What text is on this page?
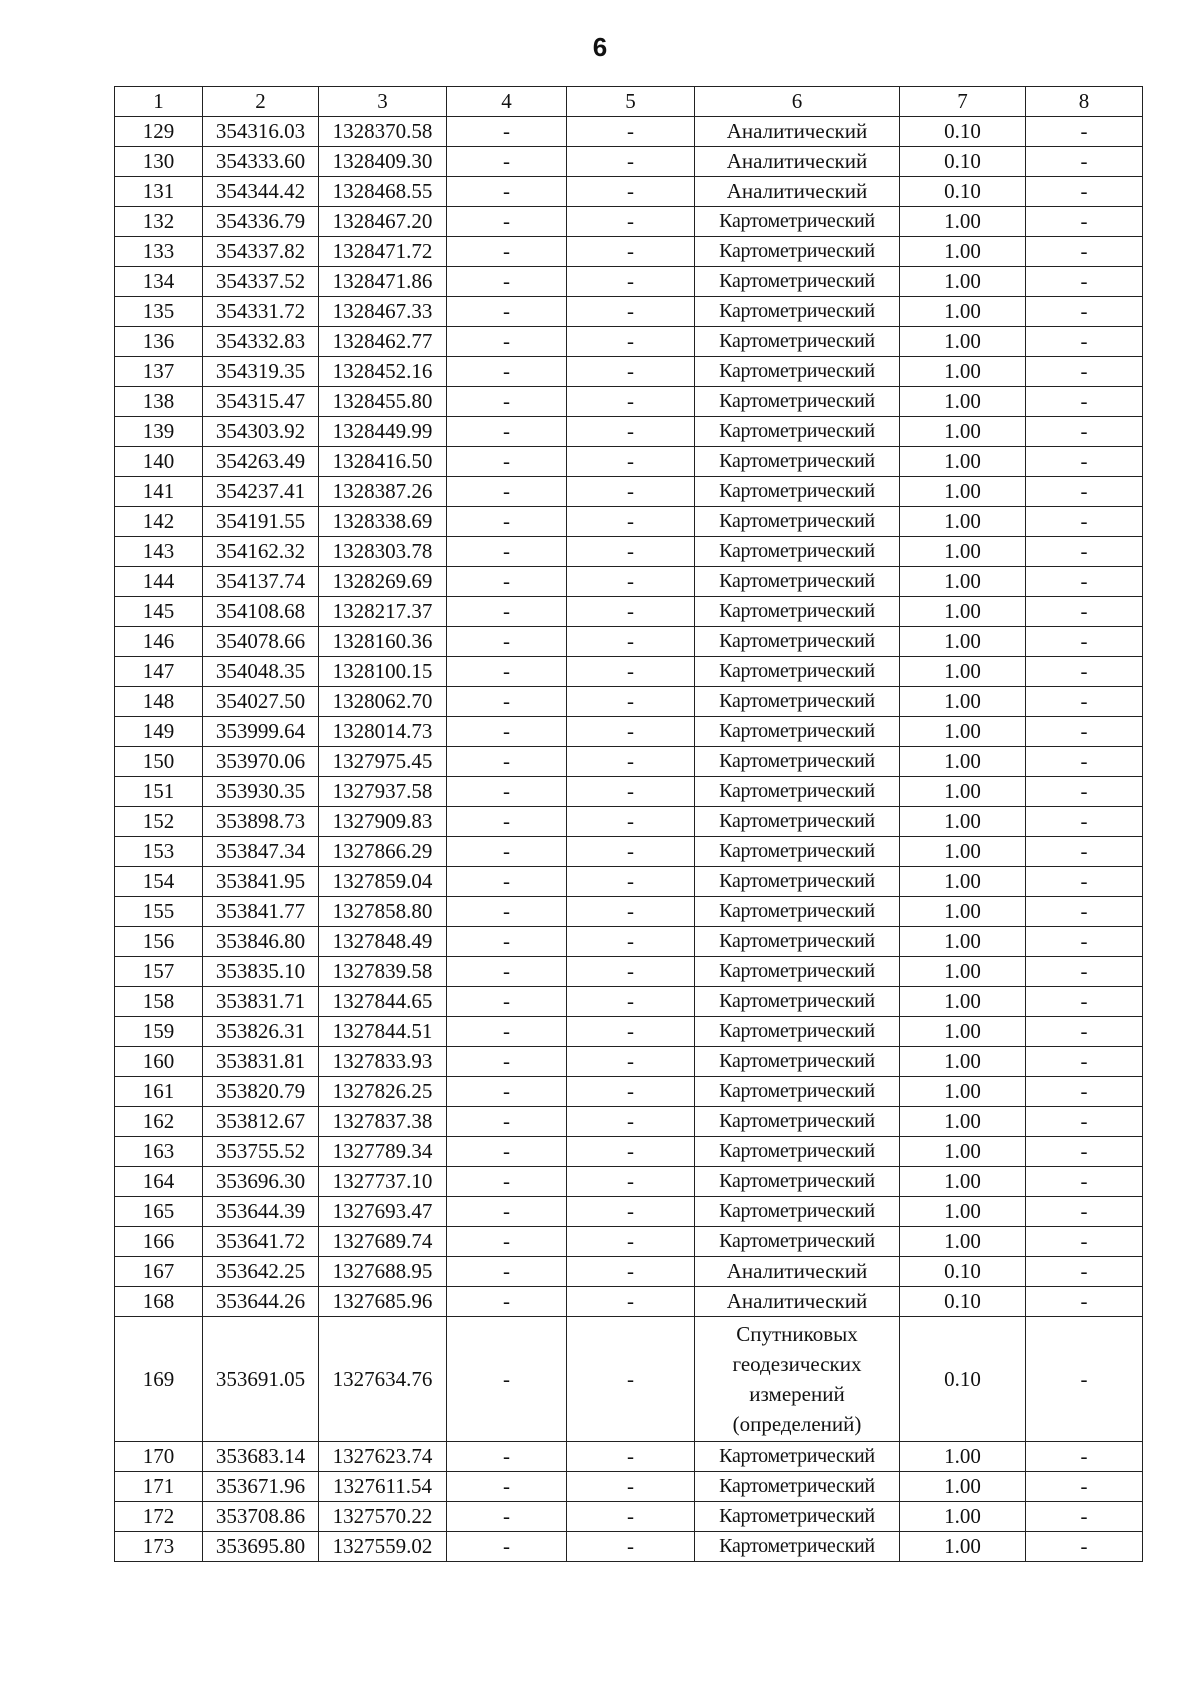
6
1	2	3	4	5	6	7	8
129	354316.03	1328370.58	-	-	Аналитический	0.10	-
130	354333.60	1328409.30	-	-	Аналитический	0.10	-
131	354344.42	1328468.55	-	-	Аналитический	0.10	-
132	354336.79	1328467.20	-	-	Картометрический	1.00	-
133	354337.82	1328471.72	-	-	Картометрический	1.00	-
134	354337.52	1328471.86	-	-	Картометрический	1.00	-
135	354331.72	1328467.33	-	-	Картометрический	1.00	-
136	354332.83	1328462.77	-	-	Картометрический	1.00	-
137	354319.35	1328452.16	-	-	Картометрический	1.00	-
138	354315.47	1328455.80	-	-	Картометрический	1.00	-
139	354303.92	1328449.99	-	-	Картометрический	1.00	-
140	354263.49	1328416.50	-	-	Картометрический	1.00	-
141	354237.41	1328387.26	-	-	Картометрический	1.00	-
142	354191.55	1328338.69	-	-	Картометрический	1.00	-
143	354162.32	1328303.78	-	-	Картометрический	1.00	-
144	354137.74	1328269.69	-	-	Картометрический	1.00	-
145	354108.68	1328217.37	-	-	Картометрический	1.00	-
146	354078.66	1328160.36	-	-	Картометрический	1.00	-
147	354048.35	1328100.15	-	-	Картометрический	1.00	-
148	354027.50	1328062.70	-	-	Картометрический	1.00	-
149	353999.64	1328014.73	-	-	Картометрический	1.00	-
150	353970.06	1327975.45	-	-	Картометрический	1.00	-
151	353930.35	1327937.58	-	-	Картометрический	1.00	-
152	353898.73	1327909.83	-	-	Картометрический	1.00	-
153	353847.34	1327866.29	-	-	Картометрический	1.00	-
154	353841.95	1327859.04	-	-	Картометрический	1.00	-
155	353841.77	1327858.80	-	-	Картометрический	1.00	-
156	353846.80	1327848.49	-	-	Картометрический	1.00	-
157	353835.10	1327839.58	-	-	Картометрический	1.00	-
158	353831.71	1327844.65	-	-	Картометрический	1.00	-
159	353826.31	1327844.51	-	-	Картометрический	1.00	-
160	353831.81	1327833.93	-	-	Картометрический	1.00	-
161	353820.79	1327826.25	-	-	Картометрический	1.00	-
162	353812.67	1327837.38	-	-	Картометрический	1.00	-
163	353755.52	1327789.34	-	-	Картометрический	1.00	-
164	353696.30	1327737.10	-	-	Картометрический	1.00	-
165	353644.39	1327693.47	-	-	Картометрический	1.00	-
166	353641.72	1327689.74	-	-	Картометрический	1.00	-
167	353642.25	1327688.95	-	-	Аналитический	0.10	-
168	353644.26	1327685.96	-	-	Аналитический	0.10	-
169	353691.05	1327634.76	-	-	Спутниковых геодезических измерений (определений)	0.10	-
170	353683.14	1327623.74	-	-	Картометрический	1.00	-
171	353671.96	1327611.54	-	-	Картометрический	1.00	-
172	353708.86	1327570.22	-	-	Картометрический	1.00	-
173	353695.80	1327559.02	-	-	Картометрический	1.00	-
